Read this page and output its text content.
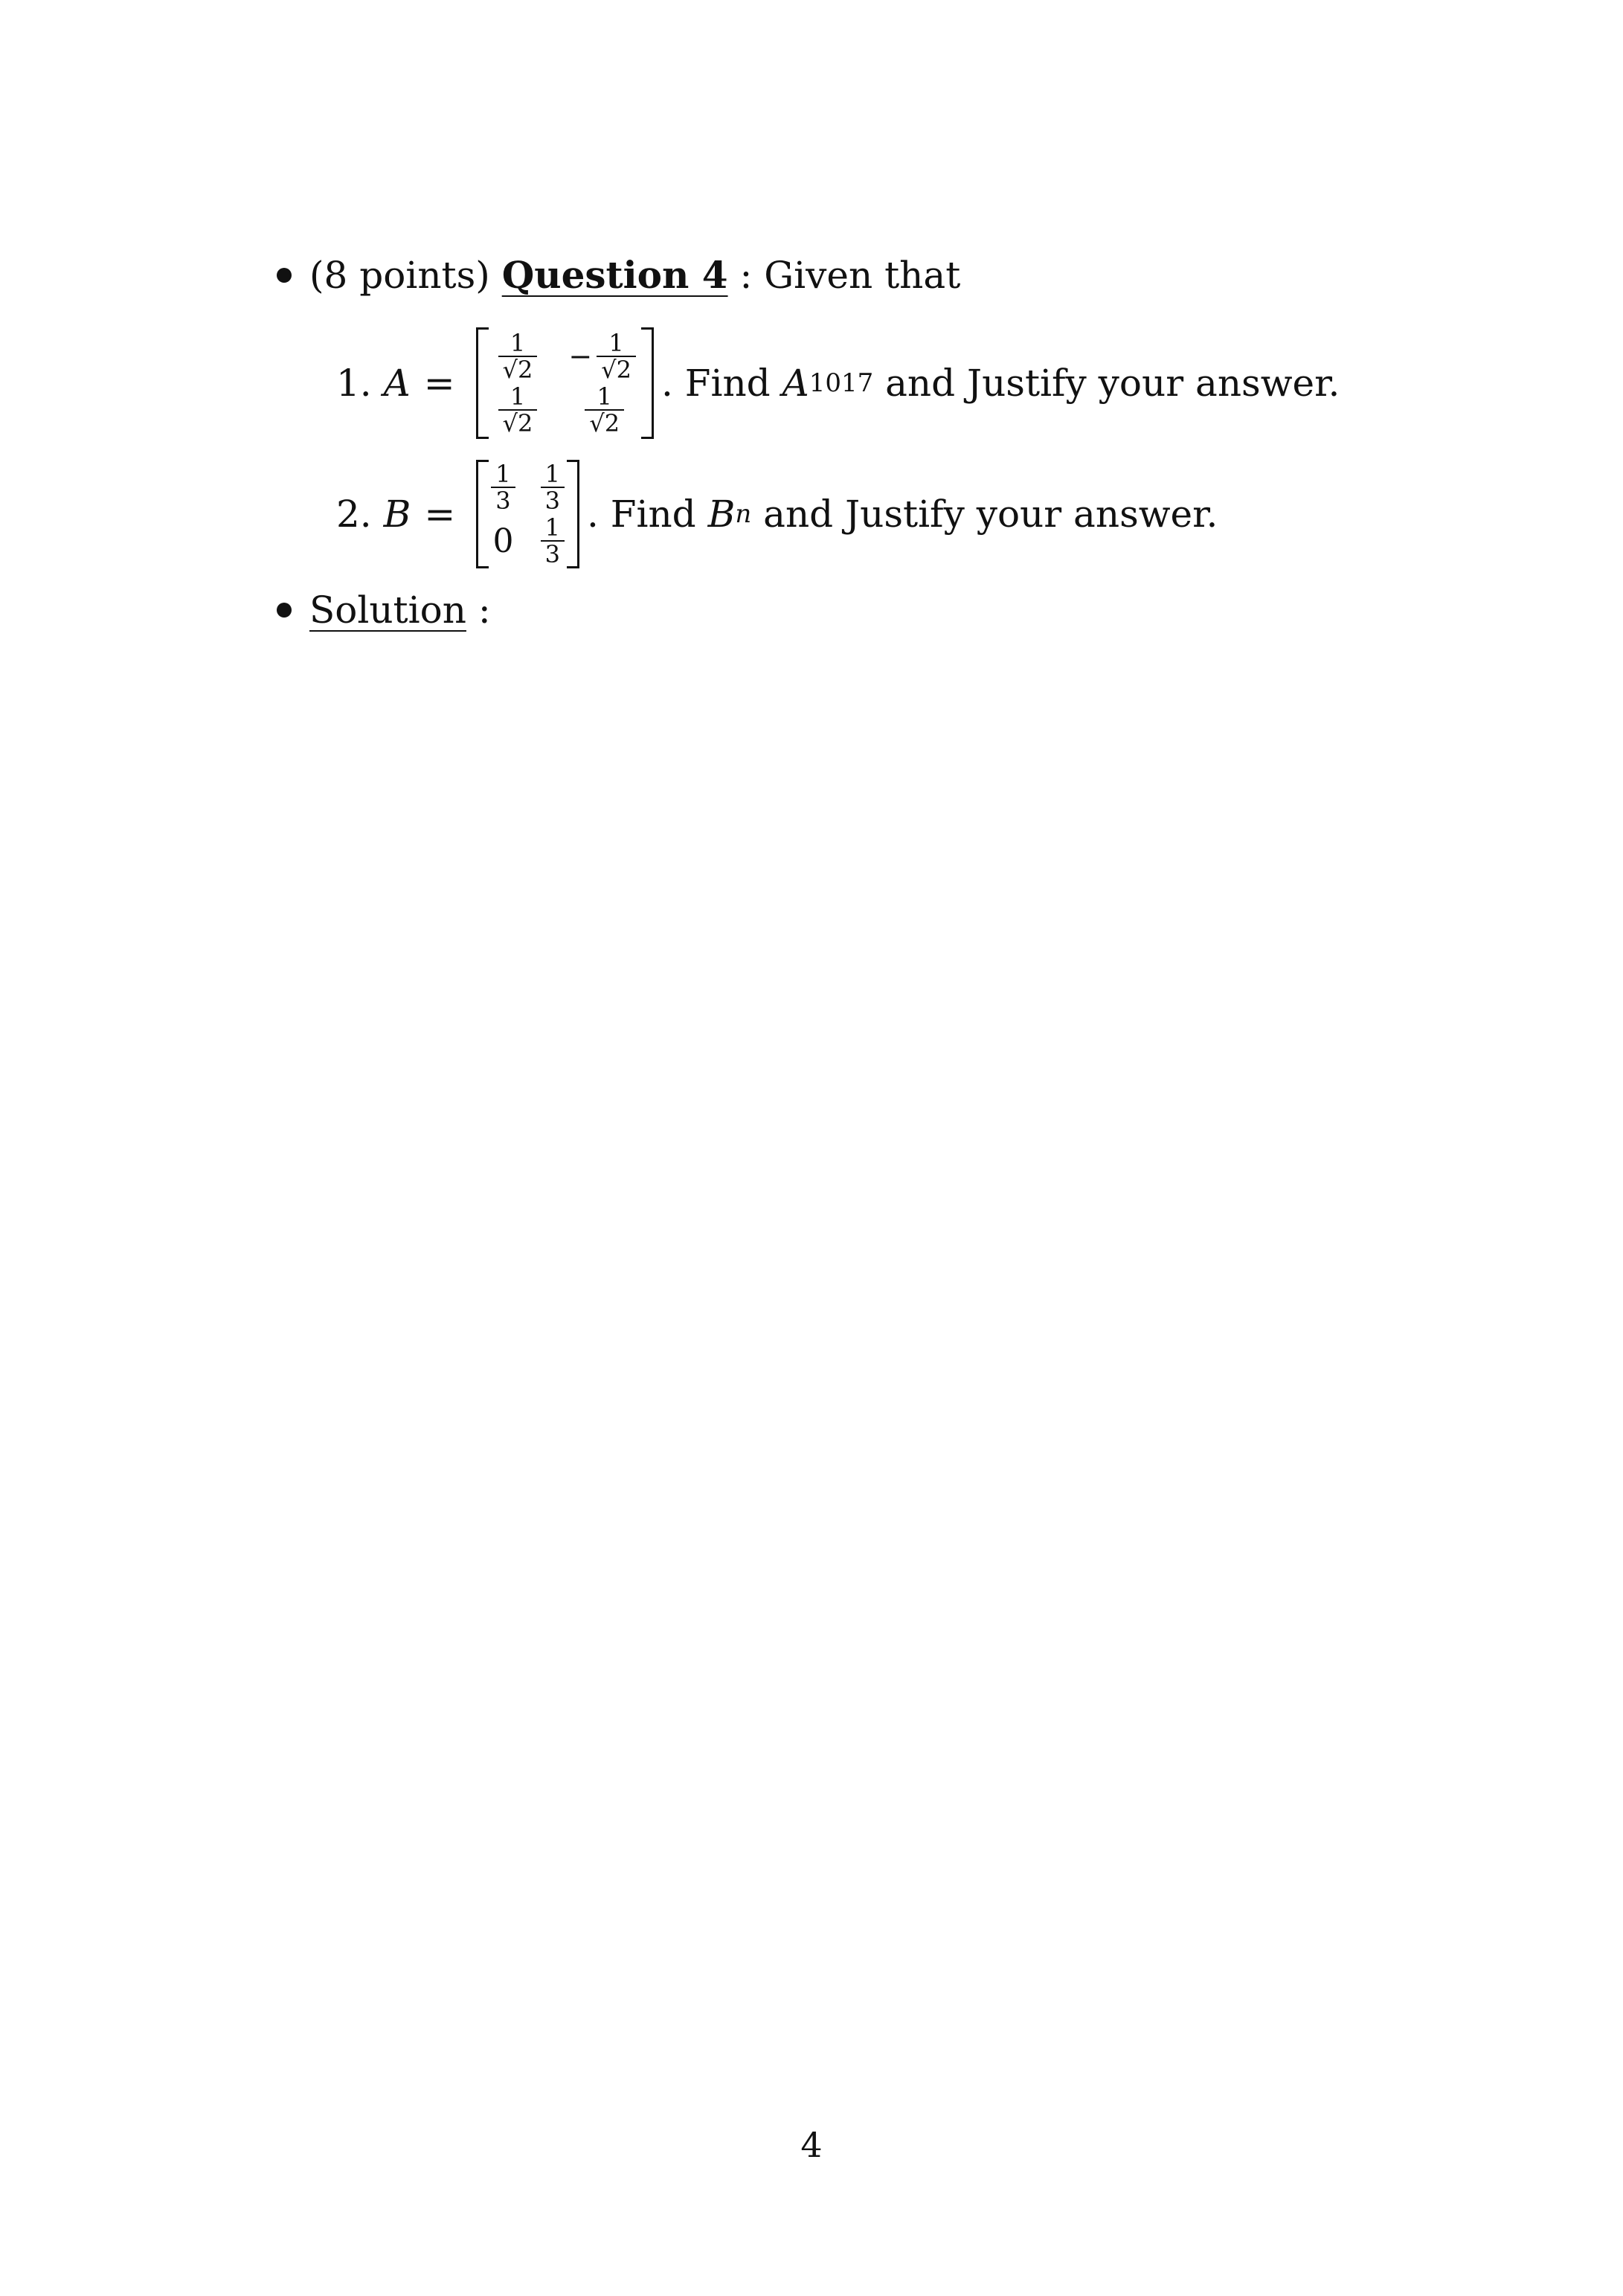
(8 points) Question 4 : Given that
1.
A =
$\frac{1}{√2} - \frac{1}{√2}$
$\frac{1}{√2} \frac{1}{√2}$
. Find
A 1017
and Justify your answer.
2.
B =
$\frac{1}{3} \frac{1}{3}$
$0 \frac{1}{3}$
. Find
B n
and Justify your answer.
Solution :
4
